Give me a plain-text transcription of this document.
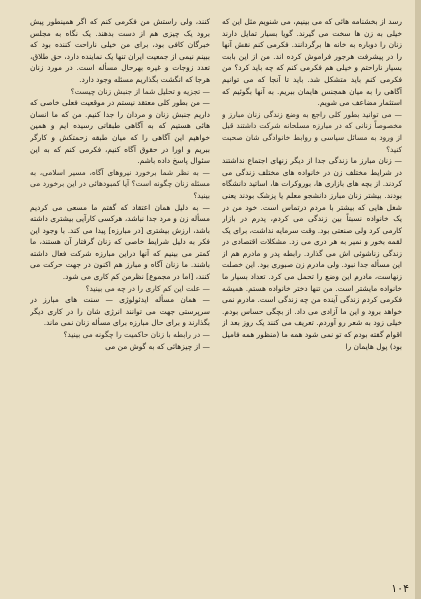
کنند، ولی راستش من فکرمی کنم که اگر همینطور پیش برود یک چیزی هم از دست بدهند. یک نگاه به مجلس خبرگان کافی بود، برای من خیلی ناراحت کننده بود که ببینم نیمی از جمعیت ایران تنها یک نماینده دارد، حق طلاق، تعدد زوجات و غیره بهرحال مسأله است. در مورد زنان هرجا که انگشت بگذاریم مسئله وجود دارد.

— تجزیه و تحلیل شما از جنبش زنان چیست؟

— من بطور کلی معتقد نیستم در موقعیت فعلی خاصی که داریم جنبش زنان و مردان را جدا کنیم. من که ما انسان هائی هستیم که به آگاهی طبقاتی رسیده ایم و همین خواهیم این آگاهی را که میان طبقه زحمتکش و کارگر ببریم و اورا در حقوق آگاه کنیم، فکرمی کنم که به این سئوال پاسخ داده باشم.

— به نظر شما برخورد نیروهای آگاه، مسیر اسلامی، به مسئله زنان چگونه است؟ آیا کمبودهائی در این برخورد می بینید؟

— به دلیل همان اعتقاد که گفتم ما مسعی می کردیم مسأله زن و مرد جدا نباشد، هرکسی کارآیی بیشتری داشته باشد، ارزش بیشتری [در مبارزه] پیدا می کند. با وجود این فکر به دلیل شرایط خاصی که زنان گرفتار آن هستند، ما کمتر می بینیم که آنها دراین مبارزه شرکت فعال داشته باشند. ما زنان آگاه و مبارز هم اکنون در جهت حرکت می کنند، [اما در مجموع] نظرمن کم کاری می شود.

— علت این کم کاری را در چه می بینید؟

— همان مسأله ایدئولوژی — سنت های مبارز در سرپرستی جهت می توانند انرژی شان را در کاری دیگر بگذارند و برای حال مبارزه برای مسأله زنان نمی ماند.

— در رابطه با زنان حاکمیت را چگونه می بینید؟

— از چیزهائی که به گوش من می

رسد از بخشنامه هائی که می بینیم، می شنویم مثل این که خیلی به زن ها سخت می گیرند. گویا بسیار تمایل دارند زنان را دوباره به خانه ها برگردانند. فکرمی کنم نقش آنها را در پیشرفت هرجور فراموش کرده اند. من از این بابت بسیار ناراحتم و خیلی هم فکرمی کنم که چه باید کرد؟ من فکرمی کنم باید متشکل شد. باید تا آنجا که می توانیم آگاهی را به میان همجنس هایمان ببریم. به آنها بگوئیم که استثمار مضاعف می شویم.

— می توانید بطور کلی راجع به وضع زندگی زنان مبارز و مخصوصاً زنانی که در مبارزه مسلحانه شرکت داشتند قبل از ورود به مسائل سیاسی و روابط خانوادگی شان صحبت کنید؟

— زنان مبارز ما زندگی جدا از دیگر زنهای اجتماع نداشتند در شرایط مختلف زن در خانواده های مختلف زندگی می کردند. از بچه های بازاری ها، بوروکرات ها، اساتید دانشگاه بودند. بیشتر زنان مبارز دانشجو معلم یا پزشک بودند یعنی شغل هایی که بیشتر با مردم درتماس است. خود من در یک خانواده نسبتاً بین زندگی می کردم، پدرم در بازار کارمی کرد ولی صنعتی بود. وقت سرمایه نداشت، برای یک لقمه بخور و نمیر به هر دری می زد. مشکلات اقتصادی در زندگی زناشوئی اش می گذارد. رابطه پدر و مادرم هم از این مسأله جدا نبود. ولی مادرم زن صبوری بود. این خصلت زنهاست، مادرم این وضع را تحمل می کرد. تعداد بسیار ما خانواده مایشتر است. من تنها دختر خانواده هستم. همیشه فکرمی کردم زندگی آینده من چه زندگی است. مادرم نمی خواهد برود و این ما آزادی می داد. از بچگی حساس بودم. خیلی زود به شعر رو آوردم. تعریف می کنند یک روز بعد از اقوام گفته بودم که تو نمی شود همه ما (منظور همه فامیل بود) پول هایمان را

۱۰۴
